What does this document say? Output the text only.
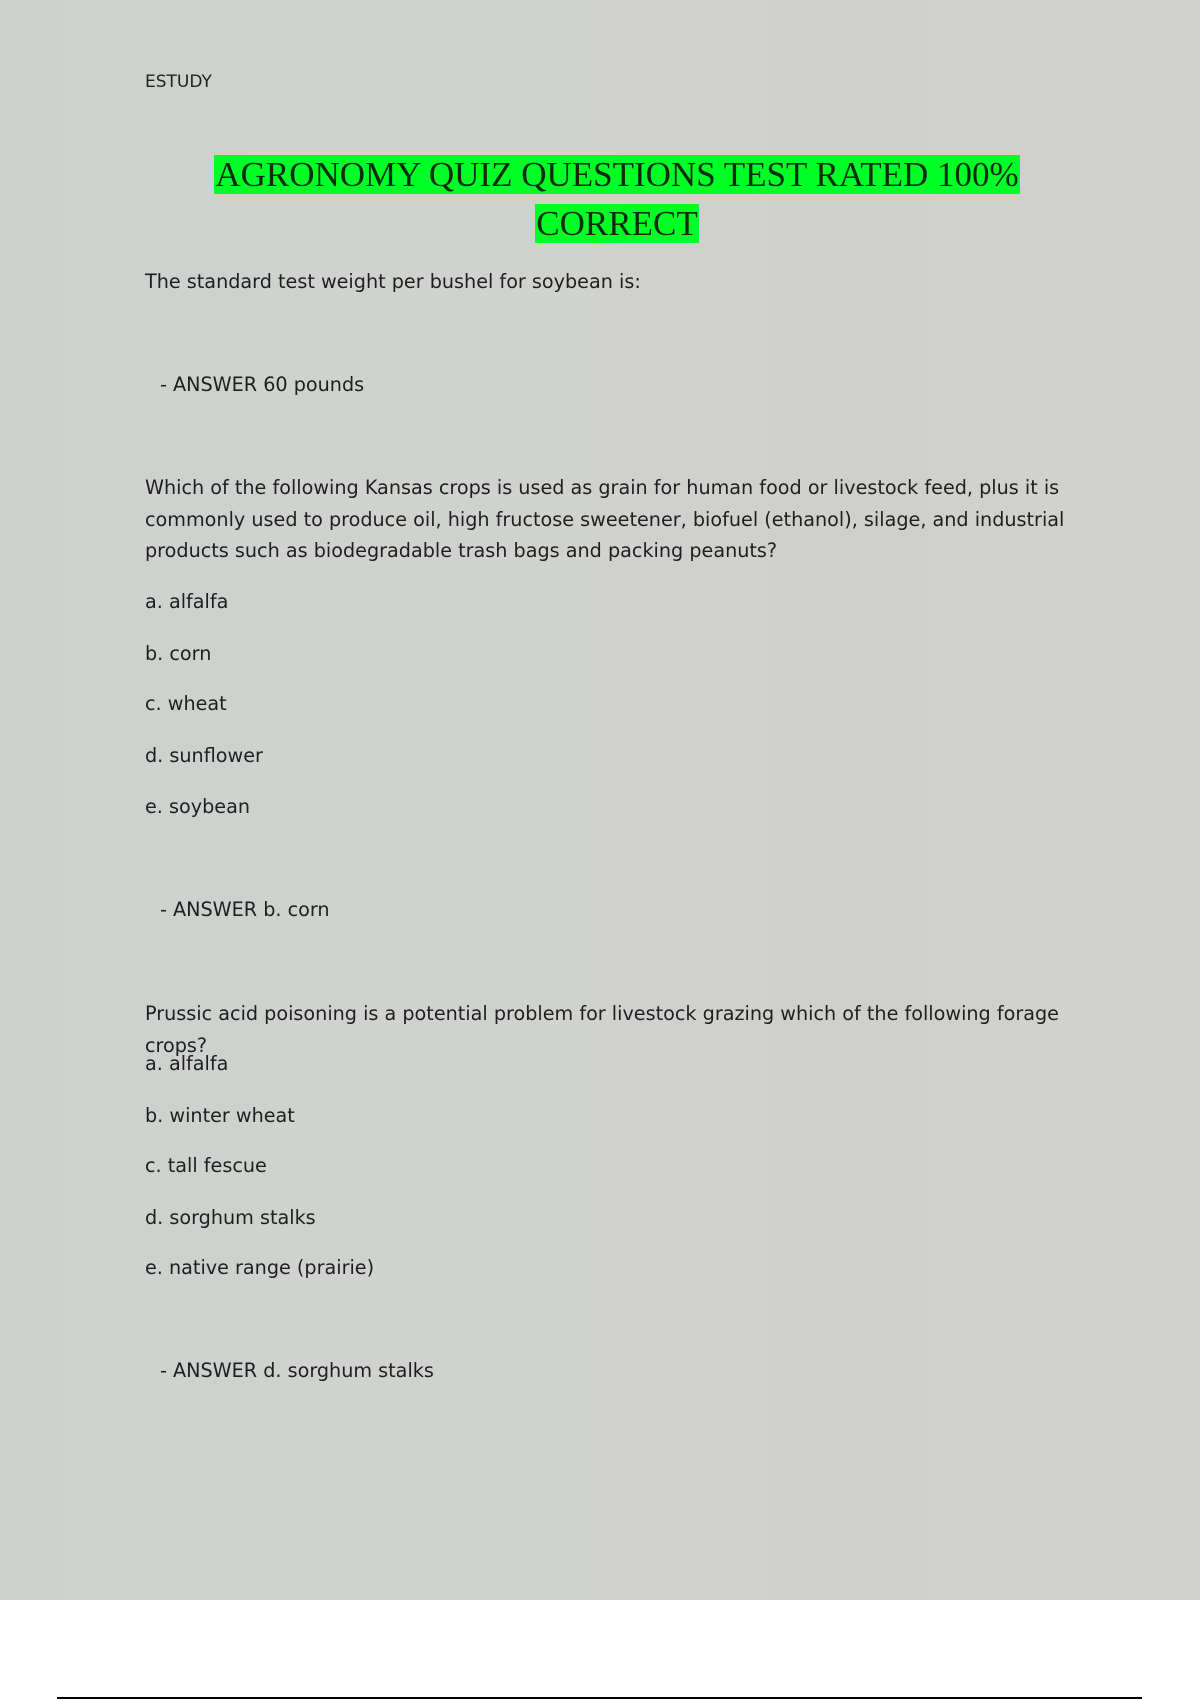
ESTUDY
AGRONOMY QUIZ QUESTIONS TEST RATED 100%
CORRECT
The standard test weight per bushel for soybean is:
- ANSWER 60 pounds
Which of the following Kansas crops is used as grain for human food or livestock feed, plus it is commonly used to produce oil, high fructose sweetener, biofuel (ethanol), silage, and industrial products such as biodegradable trash bags and packing peanuts?
a. alfalfa
b. corn
c. wheat
d. sunflower
e. soybean
- ANSWER b. corn
Prussic acid poisoning is a potential problem for livestock grazing which of the following forage crops?
a. alfalfa
b. winter wheat
c. tall fescue
d. sorghum stalks
e. native range (prairie)
- ANSWER d. sorghum stalks
